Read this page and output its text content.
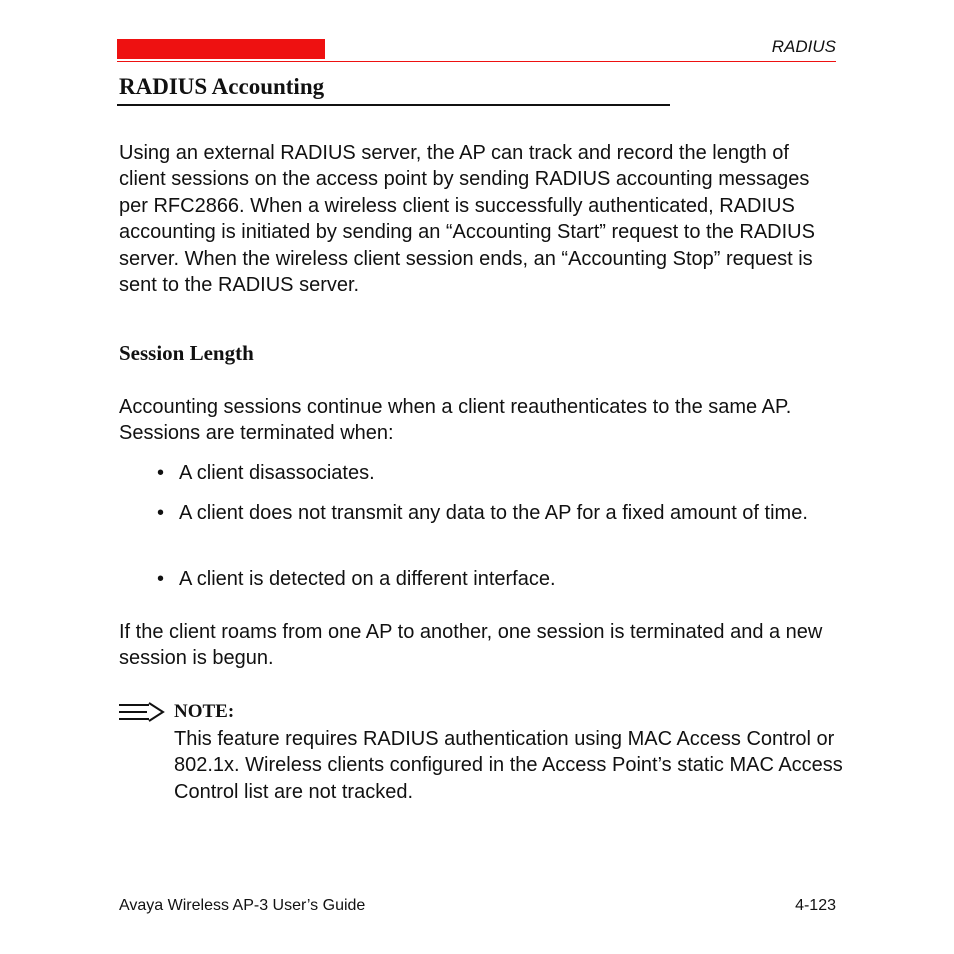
RADIUS
RADIUS Accounting

Using an external RADIUS server, the AP can track and record the length of client sessions on the access point by sending RADIUS accounting messages per RFC2866. When a wireless client is successfully authenticated, RADIUS accounting is initiated by sending an “Accounting Start” request to the RADIUS server. When the wireless client session ends, an “Accounting Stop” request is sent to the RADIUS server.

Session Length

Accounting sessions continue when a client reauthenticates to the same AP. Sessions are terminated when:

• A client disassociates.
• A client does not transmit any data to the AP for a fixed amount of time.
• A client is detected on a different interface.

If the client roams from one AP to another, one session is terminated and a new session is begun.

NOTE:

This feature requires RADIUS authentication using MAC Access Control or 802.1x. Wireless clients configured in the Access Point’s static MAC Access Control list are not tracked.

Avaya Wireless AP-3 User’s Guide	4-123
